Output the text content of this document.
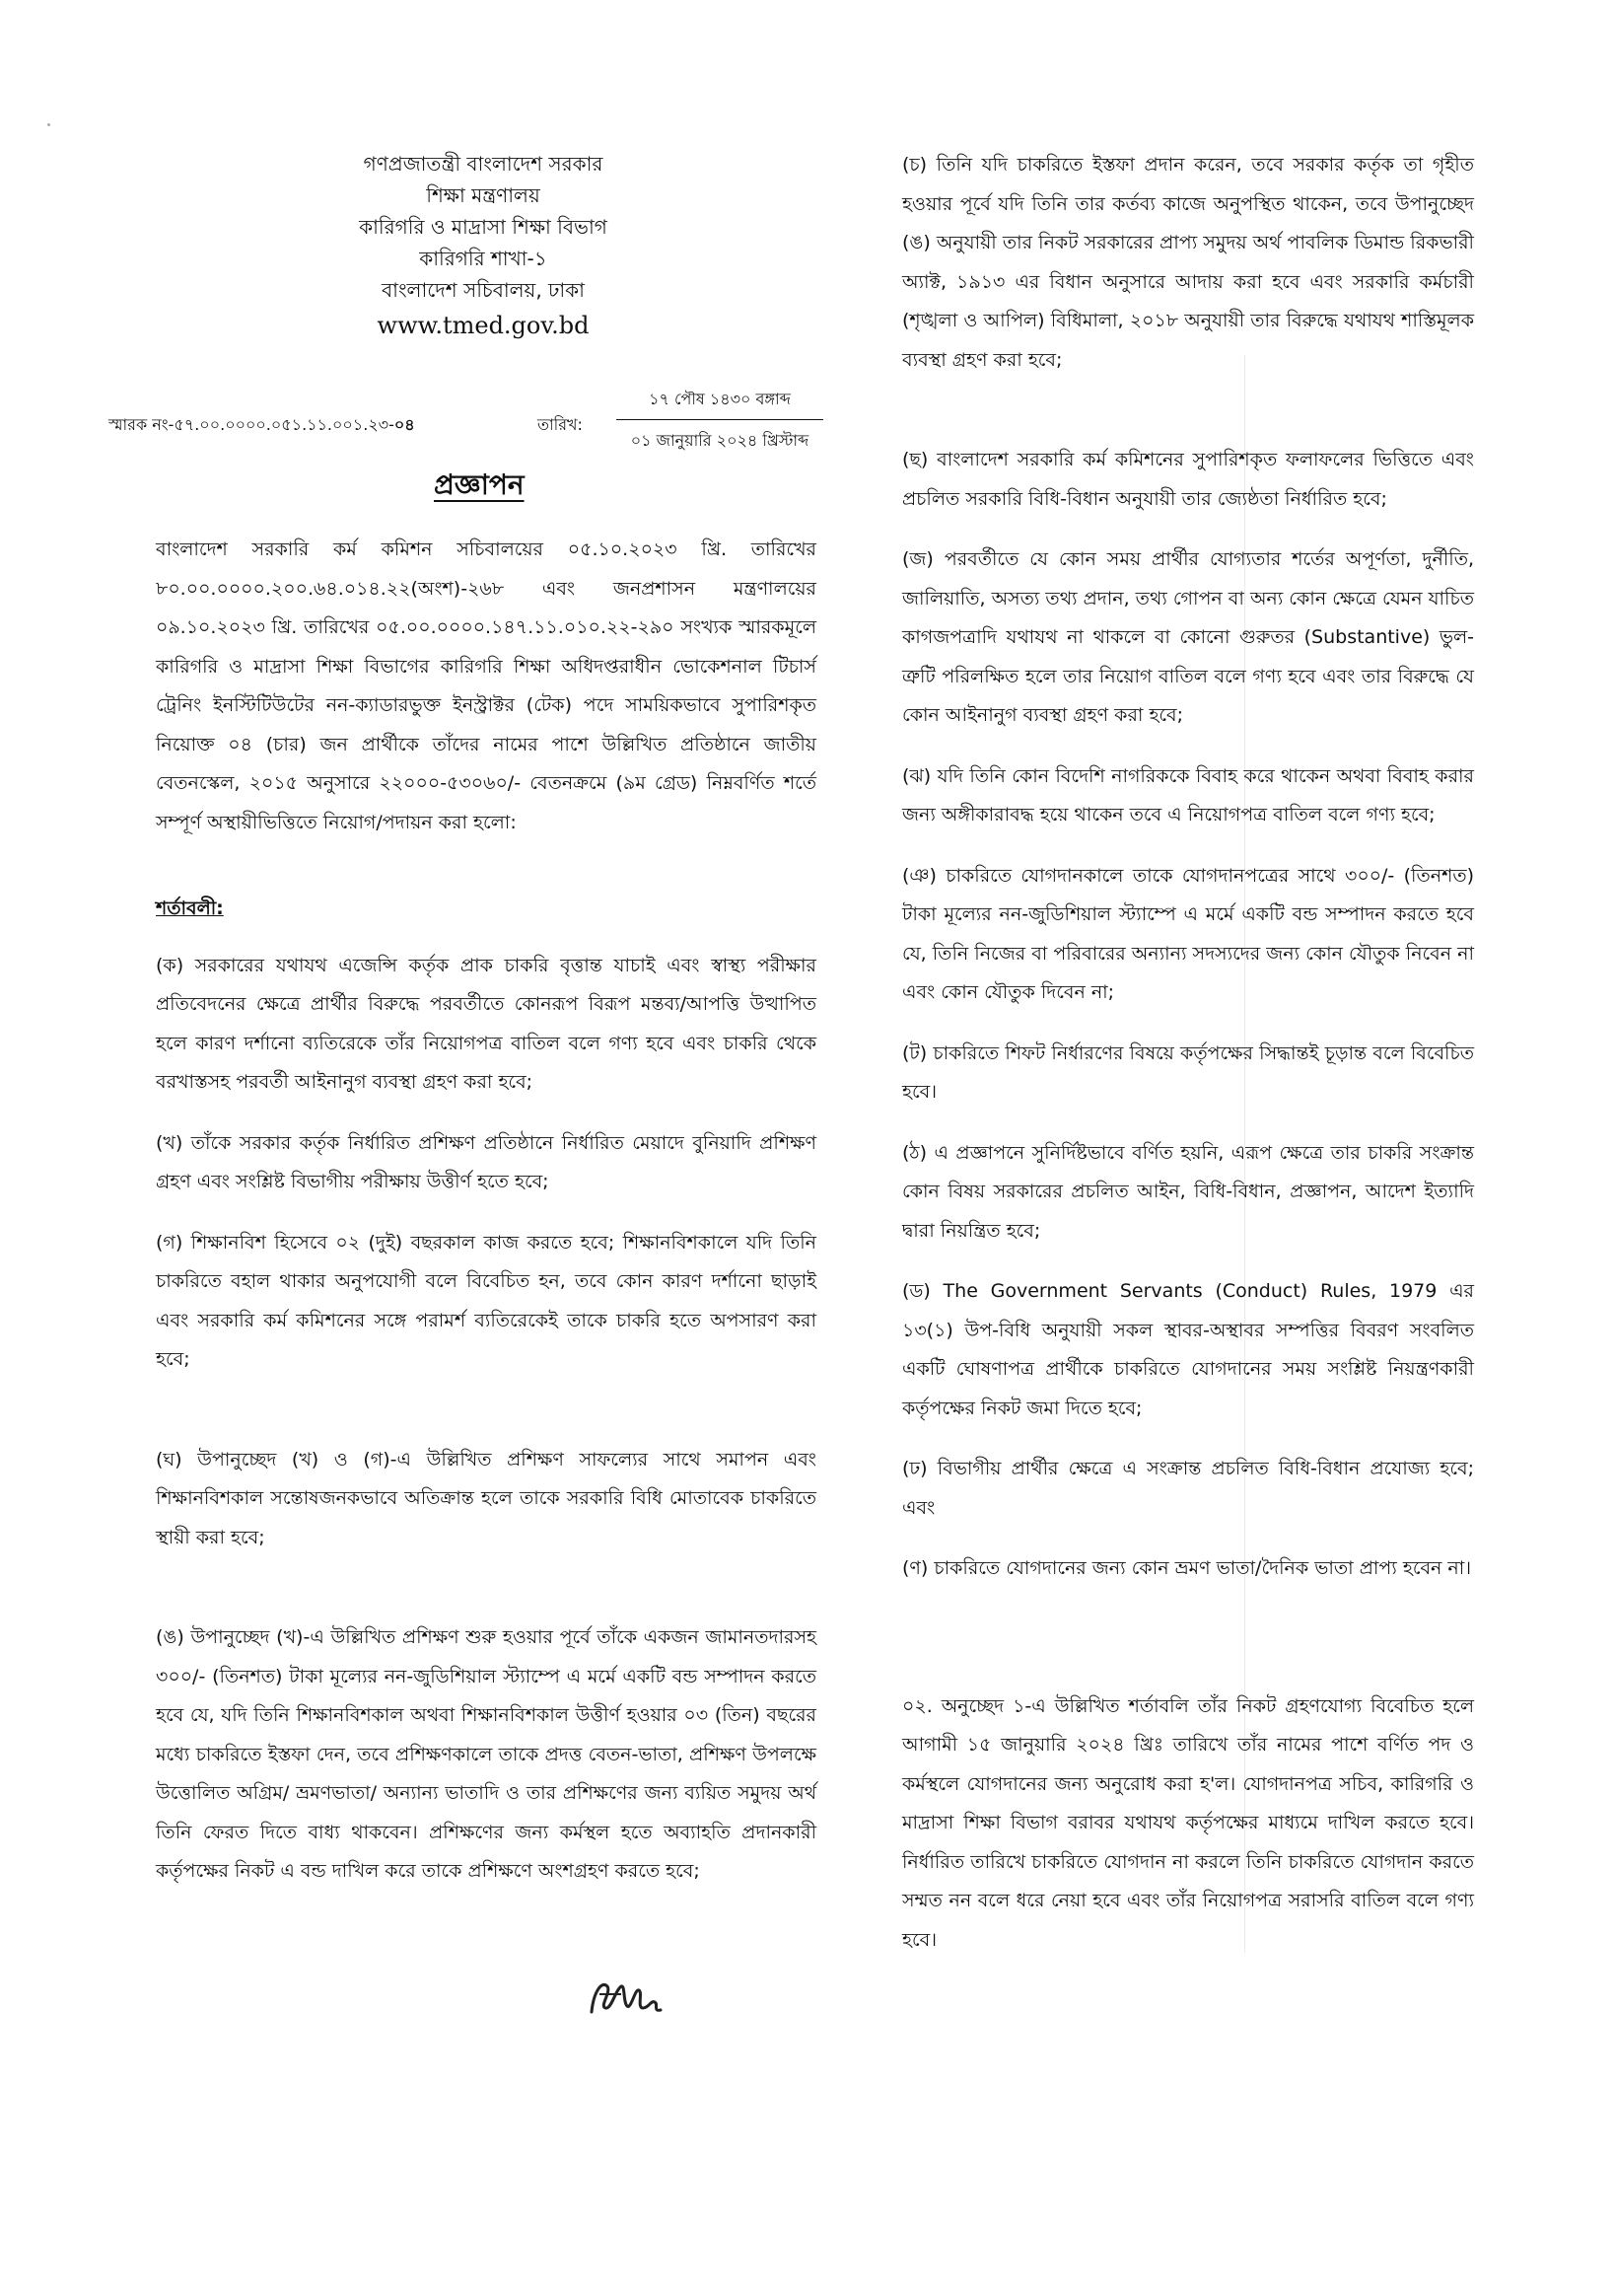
গণপ্রজাতন্ত্রী বাংলাদেশ সরকার
শিক্ষা মন্ত্রণালয়
কারিগরি ও মাদ্রাসা শিক্ষা বিভাগ
কারিগরি শাখা-১
বাংলাদেশ সচিবালয়, ঢাকা
www.tmed.gov.bd
স্মারক নং-৫৭.০০.০০০০.০৫১.১১.০০১.২৩-০৪	তারিখ:
১৭ পৌষ ১৪৩০ বঙ্গাব্দ
০১ জানুয়ারি ২০২৪ খ্রিস্টাব্দ
প্রজ্ঞাপন

বাংলাদেশ সরকারি কর্ম কমিশন সচিবালয়ের ০৫.১০.২০২৩ খ্রি. তারিখের ৮০.০০.০০০০.২০০.৬৪.০১৪.২২(অংশ)-২৬৮ এবং জনপ্রশাসন মন্ত্রণালয়ের ০৯.১০.২০২৩ খ্রি. তারিখের ০৫.০০.০০০০.১৪৭.১১.০১০.২২-২৯০ সংখ্যক স্মারকমূলে কারিগরি ও মাদ্রাসা শিক্ষা বিভাগের কারিগরি শিক্ষা অধিদপ্তরাধীন ভোকেশনাল টিচার্স ট্রেনিং ইনস্টিটিউটের নন-ক্যাডারভুক্ত ইনস্ট্রাক্টর (টেক) পদে সাময়িকভাবে সুপারিশকৃত নিয়োক্ত ০৪ (চার) জন প্রার্থীকে তাঁদের নামের পাশে উল্লিখিত প্রতিষ্ঠানে জাতীয় বেতনস্কেল, ২০১৫ অনুসারে ২২০০০-৫৩০৬০/- বেতনক্রমে (৯ম গ্রেড) নিম্নবর্ণিত শর্তে সম্পূর্ণ অস্থায়ীভিত্তিতে নিয়োগ/পদায়ন করা হলো:

শর্তাবলী:

(ক) সরকারের যথাযথ এজেন্সি কর্তৃক প্রাক চাকরি বৃত্তান্ত যাচাই এবং স্বাস্থ্য পরীক্ষার প্রতিবেদনের ক্ষেত্রে প্রার্থীর বিরুদ্ধে পরবর্তীতে কোনরূপ বিরূপ মন্তব্য/আপত্তি উত্থাপিত হলে কারণ দর্শানো ব্যতিরেকে তাঁর নিয়োগপত্র বাতিল বলে গণ্য হবে এবং চাকরি থেকে বরখাস্তসহ পরবর্তী আইনানুগ ব্যবস্থা গ্রহণ করা হবে;

(খ) তাঁকে সরকার কর্তৃক নির্ধারিত প্রশিক্ষণ প্রতিষ্ঠানে নির্ধারিত মেয়াদে বুনিয়াদি প্রশিক্ষণ গ্রহণ এবং সংশ্লিষ্ট বিভাগীয় পরীক্ষায় উত্তীর্ণ হতে হবে;

(গ) শিক্ষানবিশ হিসেবে ০২ (দুই) বছরকাল কাজ করতে হবে; শিক্ষানবিশকালে যদি তিনি চাকরিতে বহাল থাকার অনুপযোগী বলে বিবেচিত হন, তবে কোন কারণ দর্শানো ছাড়াই এবং সরকারি কর্ম কমিশনের সঙ্গে পরামর্শ ব্যতিরেকেই তাকে চাকরি হতে অপসারণ করা হবে;

(ঘ) উপানুচ্ছেদ (খ) ও (গ)-এ উল্লিখিত প্রশিক্ষণ সাফল্যের সাথে সমাপন এবং শিক্ষানবিশকাল সন্তোষজনকভাবে অতিক্রান্ত হলে তাকে সরকারি বিধি মোতাবেক চাকরিতে স্থায়ী করা হবে;

(ঙ) উপানুচ্ছেদ (খ)-এ উল্লিখিত প্রশিক্ষণ শুরু হওয়ার পূর্বে তাঁকে একজন জামানতদারসহ ৩০০/- (তিনশত) টাকা মূল্যের নন-জুডিশিয়াল স্ট্যাম্পে এ মর্মে একটি বন্ড সম্পাদন করতে হবে যে, যদি তিনি শিক্ষানবিশকাল অথবা শিক্ষানবিশকাল উত্তীর্ণ হওয়ার ০৩ (তিন) বছরের মধ্যে চাকরিতে ইস্তফা দেন, তবে প্রশিক্ষণকালে তাকে প্রদত্ত বেতন-ভাতা, প্রশিক্ষণ উপলক্ষে উত্তোলিত অগ্রিম/ ভ্রমণভাতা/ অন্যান্য ভাতাদি ও তার প্রশিক্ষণের জন্য ব্যয়িত সমুদয় অর্থ তিনি ফেরত দিতে বাধ্য থাকবেন। প্রশিক্ষণের জন্য কর্মস্থল হতে অব্যাহতি প্রদানকারী কর্তৃপক্ষের নিকট এ বন্ড দাখিল করে তাকে প্রশিক্ষণে অংশগ্রহণ করতে হবে;

(চ) তিনি যদি চাকরিতে ইস্তফা প্রদান করেন, তবে সরকার কর্তৃক তা গৃহীত হওয়ার পূর্বে যদি তিনি তার কর্তব্য কাজে অনুপস্থিত থাকেন, তবে উপানুচ্ছেদ (ঙ) অনুযায়ী তার নিকট সরকারের প্রাপ্য সমুদয় অর্থ পাবলিক ডিমান্ড রিকভারী অ্যাক্ট, ১৯১৩ এর বিধান অনুসারে আদায় করা হবে এবং সরকারি কর্মচারী (শৃঙ্খলা ও আপিল) বিধিমালা, ২০১৮ অনুযায়ী তার বিরুদ্ধে যথাযথ শাস্তিমূলক ব্যবস্থা গ্রহণ করা হবে;

(ছ) বাংলাদেশ সরকারি কর্ম কমিশনের সুপারিশকৃত ফলাফলের ভিত্তিতে এবং প্রচলিত সরকারি বিধি-বিধান অনুযায়ী তার জ্যেষ্ঠতা নির্ধারিত হবে;

(জ) পরবর্তীতে যে কোন সময় প্রার্থীর যোগ্যতার শর্তের অপূর্ণতা, দুর্নীতি, জালিয়াতি, অসত্য তথ্য প্রদান, তথ্য গোপন বা অন্য কোন ক্ষেত্রে যেমন যাচিত কাগজপত্রাদি যথাযথ না থাকলে বা কোনো গুরুতর (Substantive) ভুল-ত্রুটি পরিলক্ষিত হলে তার নিয়োগ বাতিল বলে গণ্য হবে এবং তার বিরুদ্ধে যে কোন আইনানুগ ব্যবস্থা গ্রহণ করা হবে;

(ঝ) যদি তিনি কোন বিদেশি নাগরিককে বিবাহ করে থাকেন অথবা বিবাহ করার জন্য অঙ্গীকারাবদ্ধ হয়ে থাকেন তবে এ নিয়োগপত্র বাতিল বলে গণ্য হবে;

(ঞ) চাকরিতে যোগদানকালে তাকে যোগদানপত্রের সাথে ৩০০/- (তিনশত) টাকা মূল্যের নন-জুডিশিয়াল স্ট্যাম্পে এ মর্মে একটি বন্ড সম্পাদন করতে হবে যে, তিনি নিজের বা পরিবারের অন্যান্য সদস্যদের জন্য কোন যৌতুক নিবেন না এবং কোন যৌতুক দিবেন না;

(ট) চাকরিতে শিফট নির্ধারণের বিষয়ে কর্তৃপক্ষের সিদ্ধান্তই চূড়ান্ত বলে বিবেচিত হবে।

(ঠ) এ প্রজ্ঞাপনে সুনির্দিষ্টভাবে বর্ণিত হয়নি, এরূপ ক্ষেত্রে তার চাকরি সংক্রান্ত কোন বিষয় সরকারের প্রচলিত আইন, বিধি-বিধান, প্রজ্ঞাপন, আদেশ ইত্যাদি দ্বারা নিয়ন্ত্রিত হবে;

(ড) The Government Servants (Conduct) Rules, 1979 এর ১৩(১) উপ-বিধি অনুযায়ী সকল স্থাবর-অস্থাবর সম্পত্তির বিবরণ সংবলিত একটি ঘোষণাপত্র প্রার্থীকে চাকরিতে যোগদানের সময় সংশ্লিষ্ট নিয়ন্ত্রণকারী কর্তৃপক্ষের নিকট জমা দিতে হবে;

(ঢ) বিভাগীয় প্রার্থীর ক্ষেত্রে এ সংক্রান্ত প্রচলিত বিধি-বিধান প্রযোজ্য হবে; এবং

(ণ) চাকরিতে যোগদানের জন্য কোন ভ্রমণ ভাতা/দৈনিক ভাতা প্রাপ্য হবেন না।

০২. অনুচ্ছেদ ১-এ উল্লিখিত শর্তাবলি তাঁর নিকট গ্রহণযোগ্য বিবেচিত হলে আগামী ১৫ জানুয়ারি ২০২৪ খ্রিঃ তারিখে তাঁর নামের পাশে বর্ণিত পদ ও কর্মস্থলে যোগদানের জন্য অনুরোধ করা হ'ল। যোগদানপত্র সচিব, কারিগরি ও মাদ্রাসা শিক্ষা বিভাগ বরাবর যথাযথ কর্তৃপক্ষের মাধ্যমে দাখিল করতে হবে। নির্ধারিত তারিখে চাকরিতে যোগদান না করলে তিনি চাকরিতে যোগদান করতে সম্মত নন বলে ধরে নেয়া হবে এবং তাঁর নিয়োগপত্র সরাসরি বাতিল বলে গণ্য হবে।
